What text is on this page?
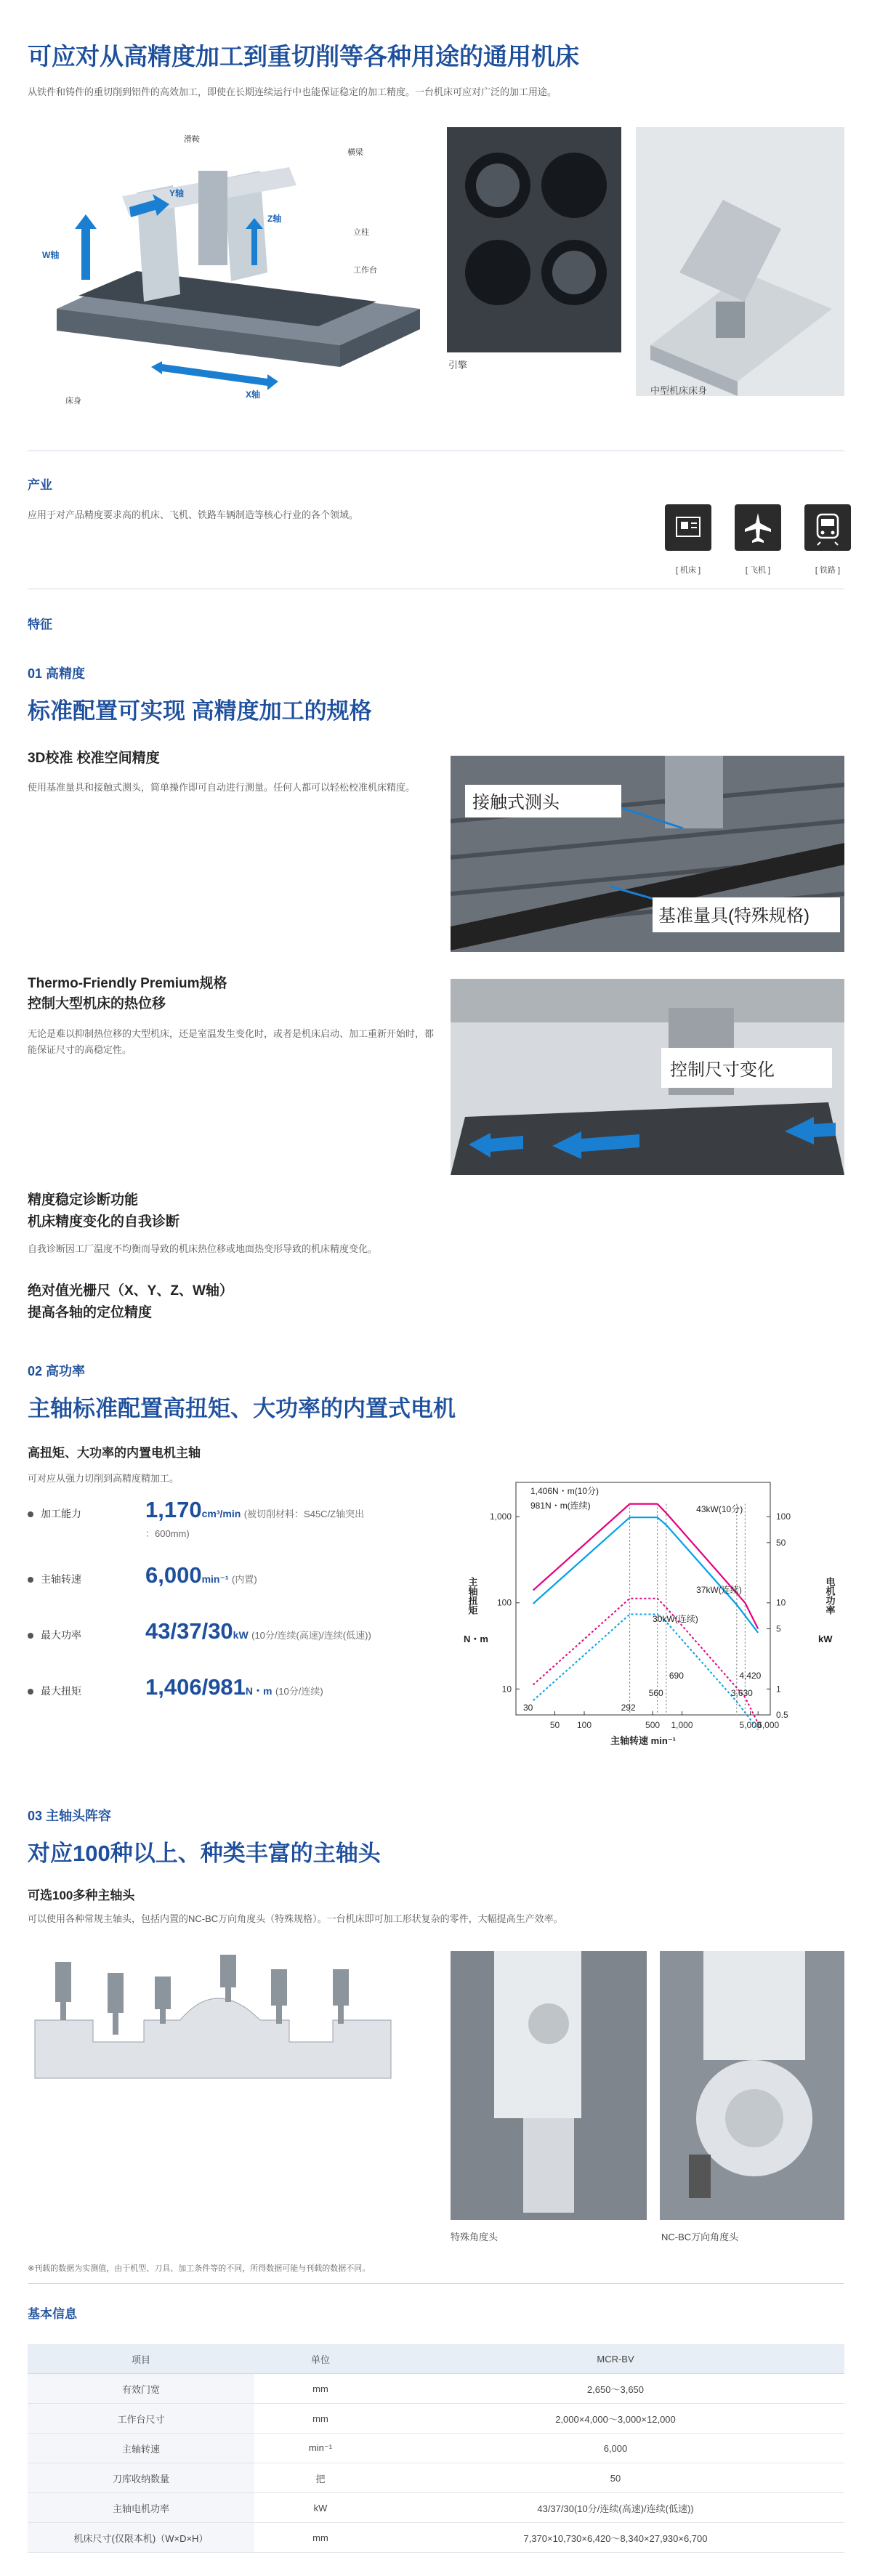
可应对从高精度加工到重切削等各种用途的通用机床
从铁件和铸件的重切削到铝件的高效加工，即使在长期连续运行中也能保证稳定的加工精度。一台机床可应对广泛的加工用途。
滑鞍
横梁
立柱
工作台
床身
Y轴
Z轴
W轴
X轴
引擎
中型机床床身
产业
应用于对产品精度要求高的机床、飞机、铁路车辆制造等核心行业的各个领域。
[ 机床 ]	[ 飞机 ]	[ 铁路 ]
特征
01 高精度
标准配置可实现 高精度加工的规格
3D校准 校准空间精度
使用基准量具和接触式测头，简单操作即可自动进行测量。任何人都可以轻松校准机床精度。
接触式测头
基准量具(特殊规格)
Thermo-Friendly Premium规格
控制大型机床的热位移
无论是难以抑制热位移的大型机床，还是室温发生变化时，或者是机床启动、加工重新开始时，都能保证尺寸的高稳定性。
控制尺寸变化
精度稳定诊断功能
机床精度变化的自我诊断
自我诊断因工厂温度不均衡而导致的机床热位移或地面热变形导致的机床精度变化。
绝对值光栅尺（X、Y、Z、W轴）
提高各轴的定位精度
02 高功率
主轴标准配置高扭矩、大功率的内置式电机
高扭矩、大功率的内置电机主轴
可对应从强力切削到高精度精加工。
加工能力	1,170cm³/min (被切削材料：S45C/Z轴突出
：600mm)
主轴转速	6,000min⁻¹ (内置)
最大功率	43/37/30kW (10分/连续(高速)/连续(低速))
最大扭矩	1,406/981N・m (10分/连续)
1,000
100
10
100
50
10
5
1
0.5
50 100	500 1,000	5,000
6,000
1,406N・m(10分)
981N・m(连续)	43kW(10分)
30kW(连续)
37kW(连续)
30	292
560
690	4,420
3,630
主轴转速 min⁻¹
主轴扭矩
N・m
电机功率
kW
03 主轴头阵容
对应100种以上、种类丰富的主轴头
可选100多种主轴头
可以使用各种常规主轴头，包括内置的NC-BC万向角度头（特殊规格）。一台机床即可加工形状复杂的零件，大幅提高生产效率。
特殊角度头	NC-BC万向角度头
※刊载的数据为实测值，由于机型、刀具、加工条件等的不同，所得数据可能与刊载的数据不同。
基本信息
项目	单位	MCR-BV
有效门宽	mm	2,650～3,650
工作台尺寸	mm	2,000×4,000～3,000×12,000
主轴转速	min⁻¹	6,000
刀库收纳数量	把	50
主轴电机功率	kW	43/37/30(10分/连续(高速)/连续(低速))
机床尺寸(仅限本机)（W×D×H）	mm	7,370×10,730×6,420～8,340×27,930×6,700
